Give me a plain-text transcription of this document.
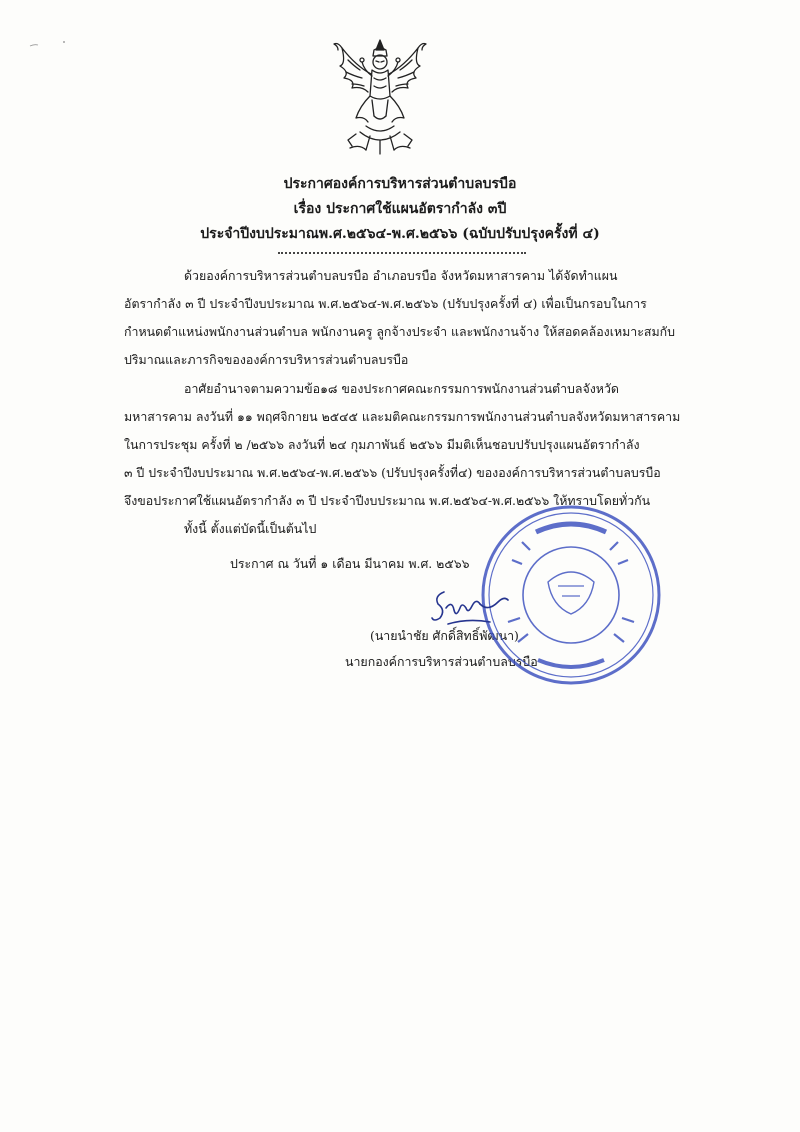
ประกาศองค์การบริหารส่วนตำบลบรบือ
เรื่อง ประกาศใช้แผนอัตรากำลัง ๓ปี
ประจำปีงบประมาณพ.ศ.๒๕๖๔-พ.ศ.๒๕๖๖ (ฉบับปรับปรุงครั้งที่ ๔)
ด้วยองค์การบริหารส่วนตำบลบรบือ อำเภอบรบือ จังหวัดมหาสารคาม ได้จัดทำแผน
อัตรากำลัง ๓ ปี ประจำปีงบประมาณ พ.ศ.๒๕๖๔-พ.ศ.๒๕๖๖ (ปรับปรุงครั้งที่ ๔) เพื่อเป็นกรอบในการ
กำหนดตำแหน่งพนักงานส่วนตำบล พนักงานครู ลูกจ้างประจำ และพนักงานจ้าง ให้สอดคล้องเหมาะสมกับ
ปริมาณและภารกิจขององค์การบริหารส่วนตำบลบรบือ
อาศัยอำนาจตามความข้อ๑๘ ของประกาศคณะกรรมการพนักงานส่วนตำบลจังหวัด
มหาสารคาม ลงวันที่ ๑๑ พฤศจิกายน ๒๕๔๕ และมติคณะกรรมการพนักงานส่วนตำบลจังหวัดมหาสารคาม
ในการประชุม ครั้งที่ ๒ /๒๕๖๖ ลงวันที่ ๒๔ กุมภาพันธ์ ๒๕๖๖ มีมติเห็นชอบปรับปรุงแผนอัตรากำลัง
๓ ปี ประจำปีงบประมาณ พ.ศ.๒๕๖๔-พ.ศ.๒๕๖๖ (ปรับปรุงครั้งที่๔) ขององค์การบริหารส่วนตำบลบรบือ
จึงขอประกาศใช้แผนอัตรากำลัง ๓ ปี ประจำปีงบประมาณ พ.ศ.๒๕๖๔-พ.ศ.๒๕๖๖ ให้ทราบโดยทั่วกัน
ทั้งนี้ ตั้งแต่บัดนี้เป็นต้นไป
ประกาศ ณ วันที่ ๑ เดือน มีนาคม พ.ศ. ๒๕๖๖
(นายนำชัย ศักดิ์สิทธิ์พัฒนา)
นายกองค์การบริหารส่วนตำบลบรบือ
